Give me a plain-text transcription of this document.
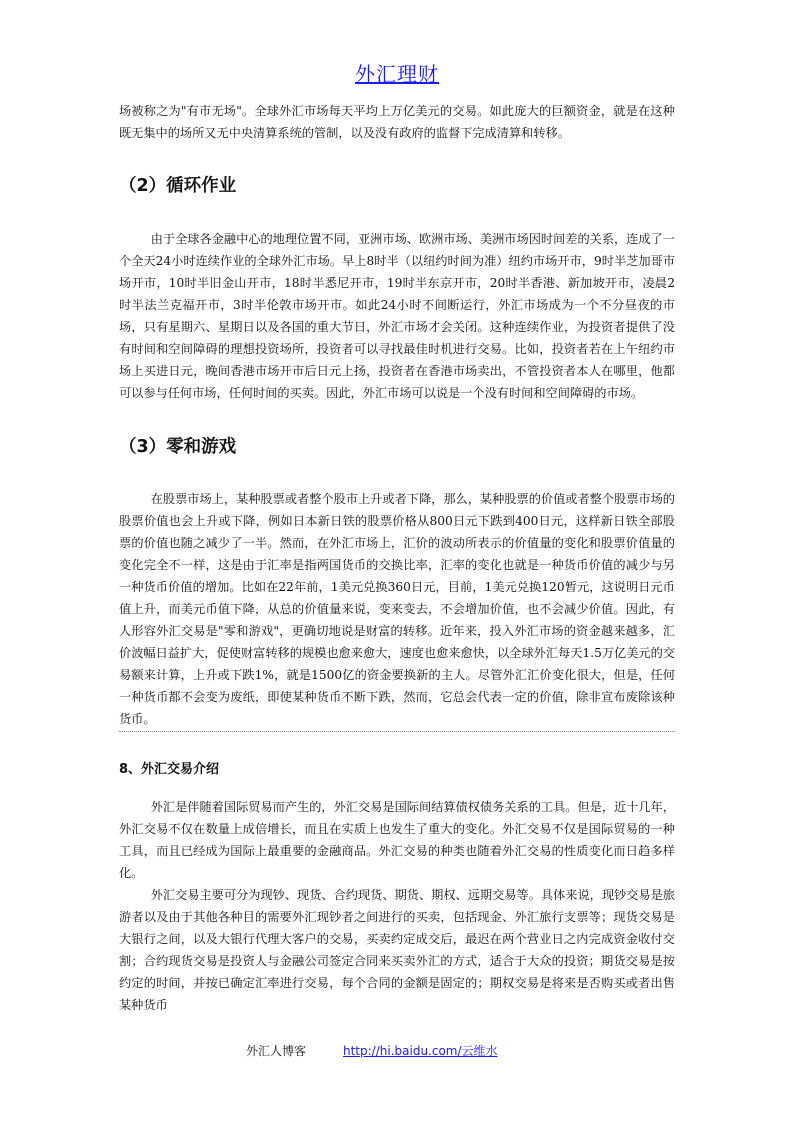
外汇理财

场被称之为"有市无场"。全球外汇市场每天平均上万亿美元的交易。如此庞大的巨额资金，就是在这种既无集中的场所又无中央清算系统的管制，以及没有政府的监督下完成清算和转移。

（2）循环作业

由于全球各金融中心的地理位置不同，亚洲市场、欧洲市场、美洲市场因时间差的关系，连成了一个全天24小时连续作业的全球外汇市场。早上8时半（以纽约时间为准）纽约市场开市，9时半芝加哥市场开市，10时半旧金山开市，18时半悉尼开市，19时半东京开市，20时半香港、新加坡开市，凌晨2时半法兰克福开市，3时半伦敦市场开市。如此24小时不间断运行，外汇市场成为一个不分昼夜的市场，只有星期六、星期日以及各国的重大节日，外汇市场才会关闭。这种连续作业，为投资者提供了没有时间和空间障碍的理想投资场所，投资者可以寻找最佳时机进行交易。比如，投资者若在上午纽约市场上买进日元，晚间香港市场开市后日元上扬，投资者在香港市场卖出，不管投资者本人在哪里，他都可以参与任何市场，任何时间的买卖。因此，外汇市场可以说是一个没有时间和空间障碍的市场。

（3）零和游戏

在股票市场上，某种股票或者整个股市上升或者下降，那么，某种股票的价值或者整个股票市场的股票价值也会上升或下降，例如日本新日铁的股票价格从800日元下跌到400日元，这样新日铁全部股票的价值也随之减少了一半。然而，在外汇市场上，汇价的波动所表示的价值量的变化和股票价值量的变化完全不一样，这是由于汇率是指两国货币的交换比率，汇率的变化也就是一种货币价值的减少与另一种货币价值的增加。比如在22年前，1美元兑换360日元，目前，1美元兑换120暂元，这说明日元币值上升，而美元币值下降，从总的价值量来说，变来变去，不会增加价值，也不会减少价值。因此，有人形容外汇交易是"零和游戏"，更确切地说是财富的转移。近年来，投入外汇市场的资金越来越多，汇价波幅日益扩大，促使财富转移的规模也愈来愈大，速度也愈来愈快，以全球外汇每天1.5万亿美元的交易额来计算，上升或下跌1%，就是1500亿的资金要换新的主人。尽管外汇汇价变化很大，但是，任何一种货币都不会变为废纸，即使某种货币不断下跌，然而，它总会代表一定的价值，除非宣布废除该种货币。

8、外汇交易介绍

外汇是伴随着国际贸易而产生的，外汇交易是国际间结算债权债务关系的工具。但是，近十几年，外汇交易不仅在数量上成倍增长，而且在实质上也发生了重大的变化。外汇交易不仅是国际贸易的一种工具，而且已经成为国际上最重要的金融商品。外汇交易的种类也随着外汇交易的性质变化而日趋多样化。

外汇交易主要可分为现钞、现货、合约现货、期货、期权、远期交易等。具体来说，现钞交易是旅游者以及由于其他各种目的需要外汇现钞者之间进行的买卖，包括现金、外汇旅行支票等；现货交易是大银行之间，以及大银行代理大客户的交易，买卖约定成交后，最迟在两个营业日之内完成资金收付交割；合约现货交易是投资人与金融公司签定合同来买卖外汇的方式，适合于大众的投资；期货交易是按约定的时间，并按已确定汇率进行交易，每个合同的金额是固定的；期权交易是将来是否购买或者出售某种货币

外汇人博客	http://hi.baidu.com/云维水
